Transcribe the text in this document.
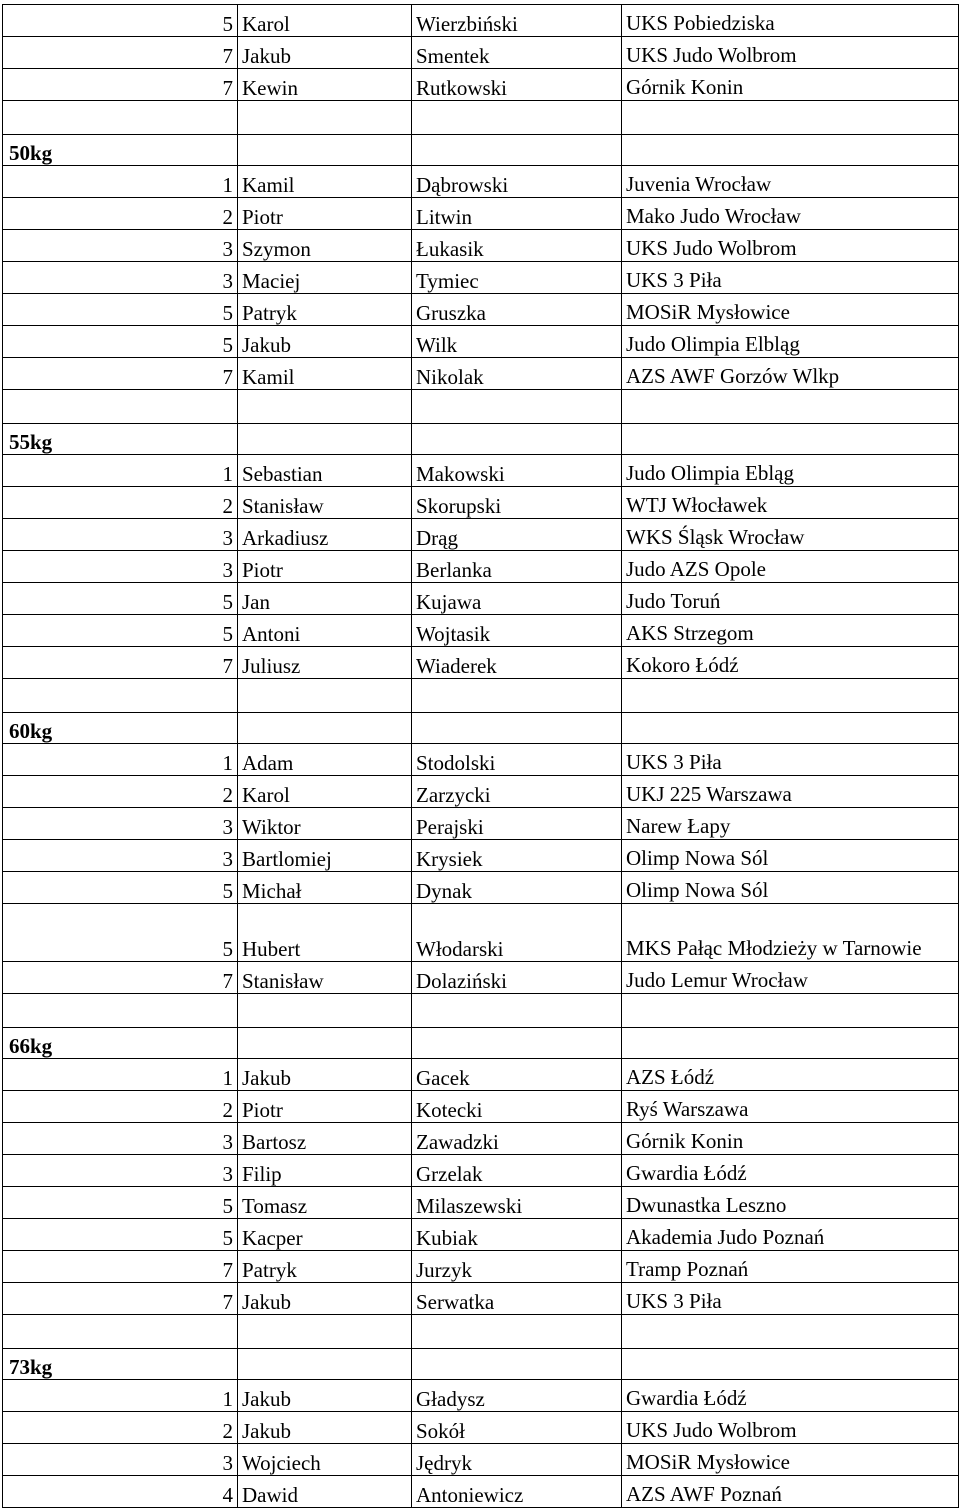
5	Karol	Wierzbiński	UKS Pobiedziska
7	Jakub	Smentek	UKS Judo Wolbrom
7	Kewin	Rutkowski	Górnik Konin

50kg			
1	Kamil	Dąbrowski	Juvenia Wrocław
2	Piotr	Litwin	Mako Judo Wrocław
3	Szymon	Łukasik	UKS Judo Wolbrom
3	Maciej	Tymiec	UKS 3 Piła
5	Patryk	Gruszka	MOSiR Mysłowice
5	Jakub	Wilk	Judo Olimpia Elbląg
7	Kamil	Nikolak	AZS AWF Gorzów Wlkp

55kg			
1	Sebastian	Makowski	Judo Olimpia Ebląg
2	Stanisław	Skorupski	WTJ Włocławek
3	Arkadiusz	Drąg	WKS Śląsk Wrocław
3	Piotr	Berlanka	Judo AZS Opole
5	Jan	Kujawa	Judo Toruń
5	Antoni	Wojtasik	AKS Strzegom
7	Juliusz	Wiaderek	Kokoro Łódź

60kg			
1	Adam	Stodolski	UKS 3 Piła
2	Karol	Zarzycki	UKJ 225 Warszawa
3	Wiktor	Perajski	Narew Łapy
3	Bartlomiej	Krysiek	Olimp Nowa Sól
5	Michał	Dynak	Olimp Nowa Sól
5	Hubert	Włodarski	MKS Pałąc Młodzieży w Tarnowie
7	Stanisław	Dolaziński	Judo Lemur Wrocław

66kg			
1	Jakub	Gacek	AZS Łódź
2	Piotr	Kotecki	Ryś Warszawa
3	Bartosz	Zawadzki	Górnik Konin
3	Filip	Grzelak	Gwardia Łódź
5	Tomasz	Milaszewski	Dwunastka Leszno
5	Kacper	Kubiak	Akademia Judo Poznań
7	Patryk	Jurzyk	Tramp Poznań
7	Jakub	Serwatka	UKS 3 Piła

73kg			
1	Jakub	Gładysz	Gwardia Łódź
2	Jakub	Sokół	UKS Judo Wolbrom
3	Wojciech	Jędryk	MOSiR Mysłowice
4	Dawid	Antoniewicz	AZS AWF Poznań
